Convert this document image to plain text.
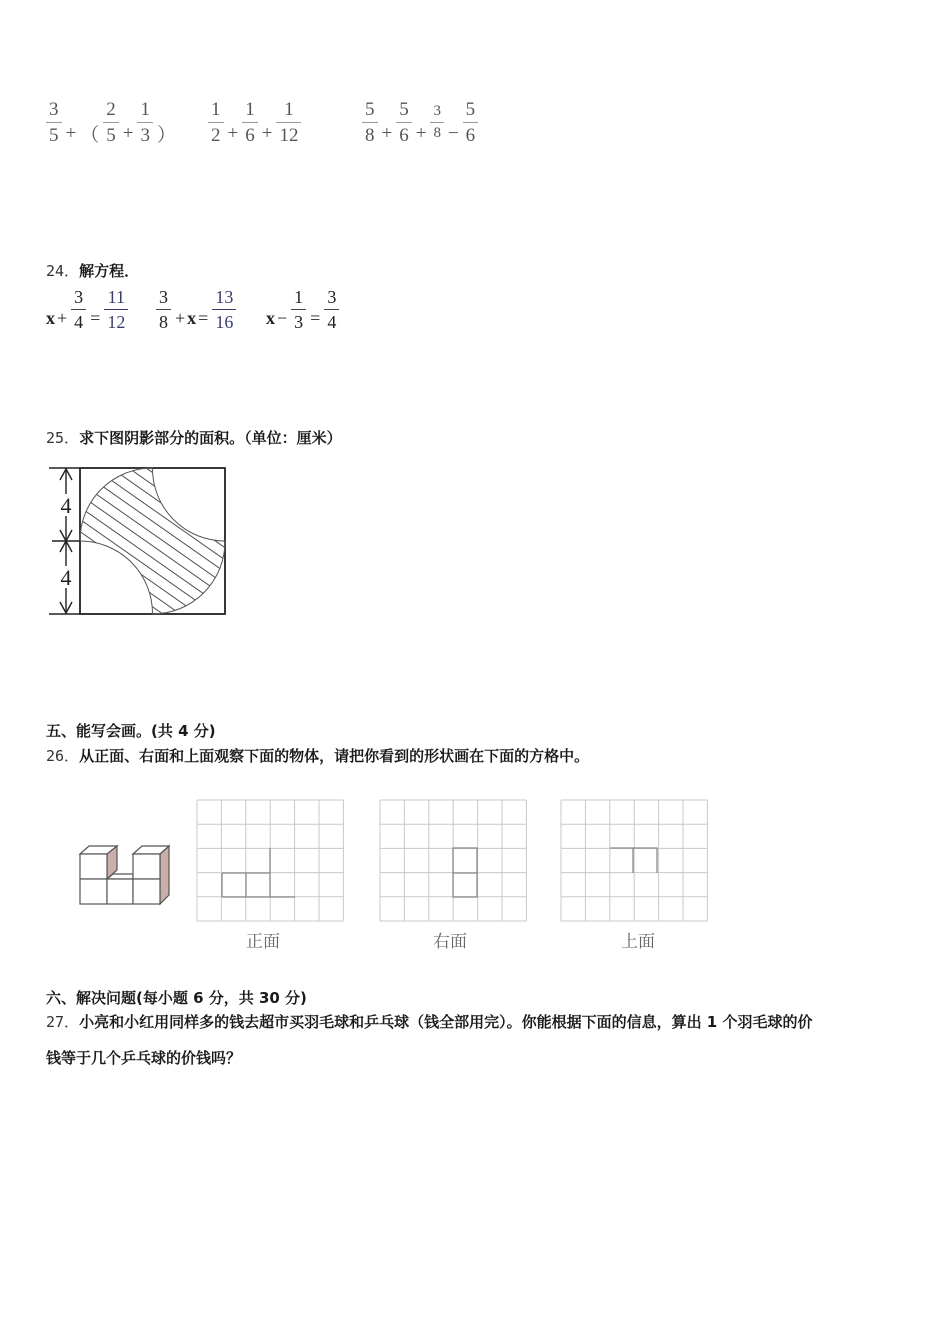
$\frac{3}{5}$ + （ $\frac{2}{5} + \frac{1}{3}$ ） $\frac{1}{2} + \frac{1}{6} + \frac{1}{12}$	$\frac{5}{8} + \frac{5}{6} + \frac{3}{8} - \frac{5}{6}$
24．解方程．
$x + \frac{3}{4} = \frac{11}{12} \frac{3}{8} + x = \frac{13}{16}$ $x - \frac{1}{3} = \frac{3}{4}$
25．求下图阴影部分的面积。（单位：厘米）
4
4
五、能写会画。(共 4 分)
26．从正面、右面和上面观察下面的物体，请把你看到的形状画在下面的方格中。
正面	右面	上面
六、解决问题(每小题 6 分，共 30 分)
27．小亮和小红用同样多的钱去超市买羽毛球和乒乓球（钱全部用完）。你能根据下面的信息，算出 1 个羽毛球的价
钱等于几个乒乓球的价钱吗？
